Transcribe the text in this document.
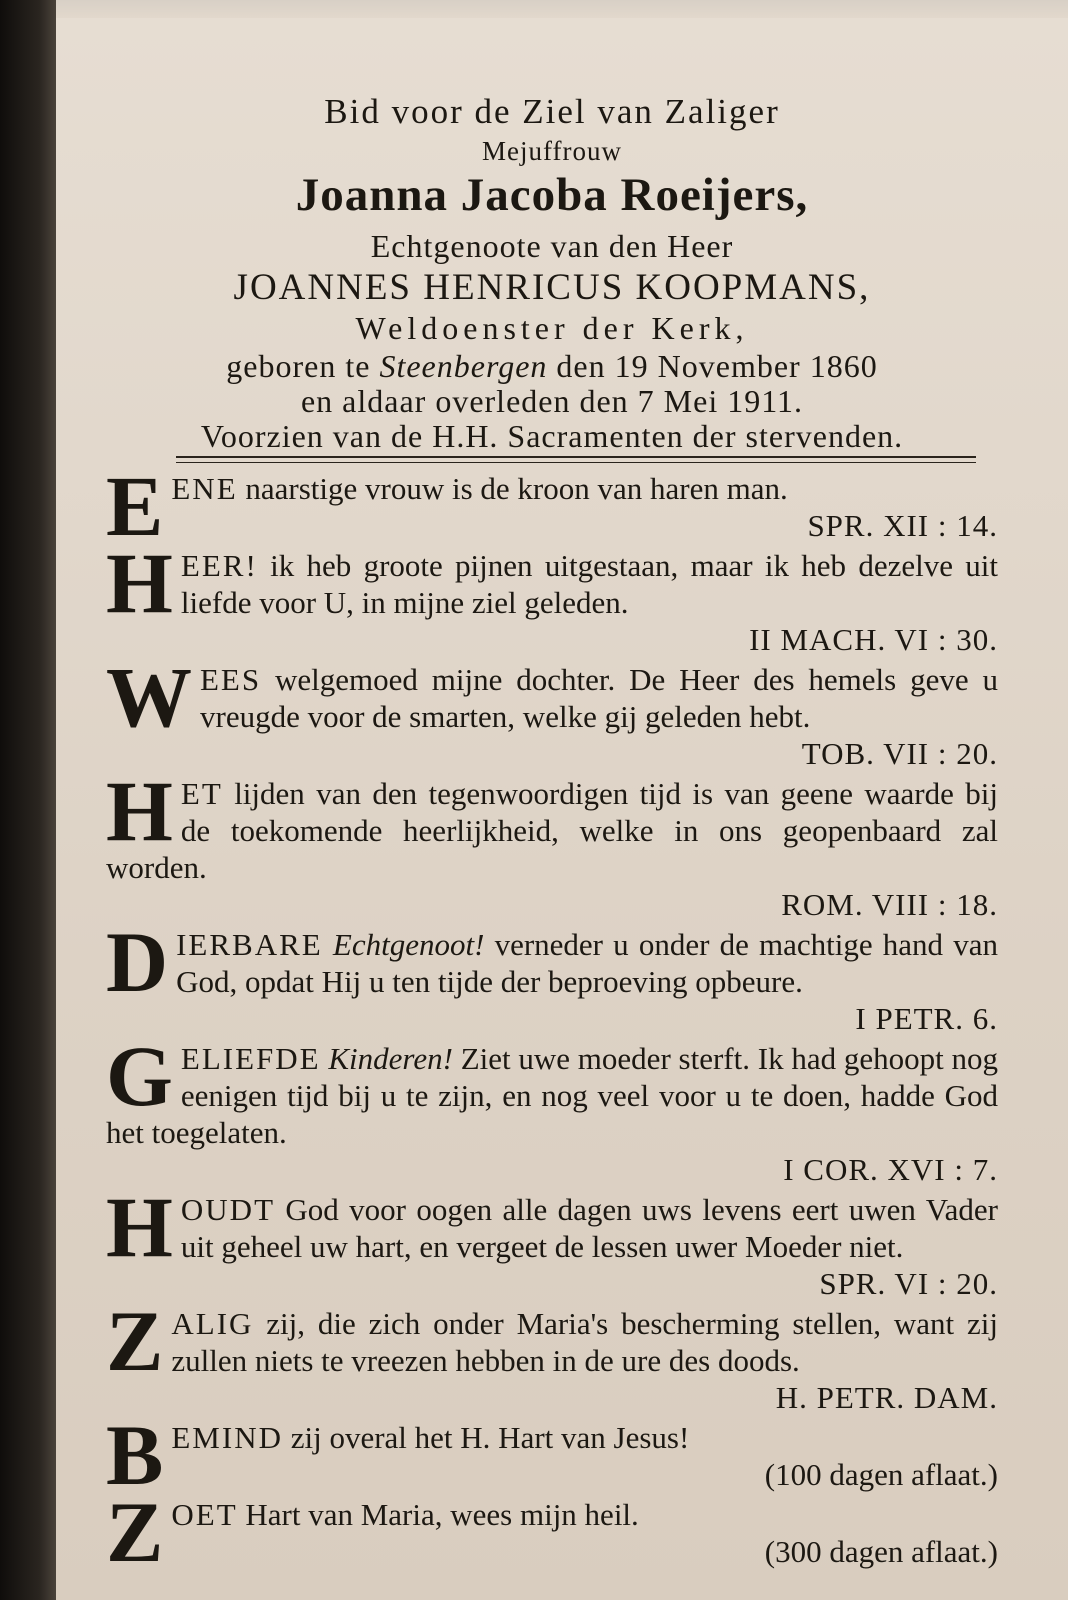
Bid voor de Ziel van Zaliger
Mejuffrouw
Joanna Jacoba Roeijers,
Echtgenoote van den Heer
JOANNES HENRICUS KOOPMANS,
Weldoenster der Kerk,
geboren te Steenbergen den 19 November 1860
en aldaar overleden den 7 Mei 1911.
Voorzien van de H.H. Sacramenten der stervenden.
EENE naarstige vrouw is de kroon van haren man.
SPR. XII : 14.
HEER! ik heb groote pijnen uitgestaan, maar ik heb dezelve uit liefde voor U, in mijne ziel geleden.
II MACH. VI : 30.
WEES welgemoed mijne dochter. De Heer des hemels geve u vreugde voor de smarten, welke gij geleden hebt.
TOB. VII : 20.
HET lijden van den tegenwoordigen tijd is van geene waarde bij de toekomende heerlijkheid, welke in ons geopenbaard zal worden.
ROM. VIII : 18.
DIERBARE Echtgenoot! verneder u onder de machtige hand van God, opdat Hij u ten tijde der beproeving opbeure.
I PETR. 6.
GELIEFDE Kinderen! Ziet uwe moeder sterft. Ik had gehoopt nog eenigen tijd bij u te zijn, en nog veel voor u te doen, hadde God het toegelaten.
I COR. XVI : 7.
HOUDT God voor oogen alle dagen uws levens eert uwen Vader uit geheel uw hart, en vergeet de lessen uwer Moeder niet.
SPR. VI : 20.
ZALIG zij, die zich onder Maria's bescherming stellen, want zij zullen niets te vreezen hebben in de ure des doods.
H. PETR. DAM.
BEMIND zij overal het H. Hart van Jesus!
(100 dagen aflaat.)
ZOET Hart van Maria, wees mijn heil.
(300 dagen aflaat.)
